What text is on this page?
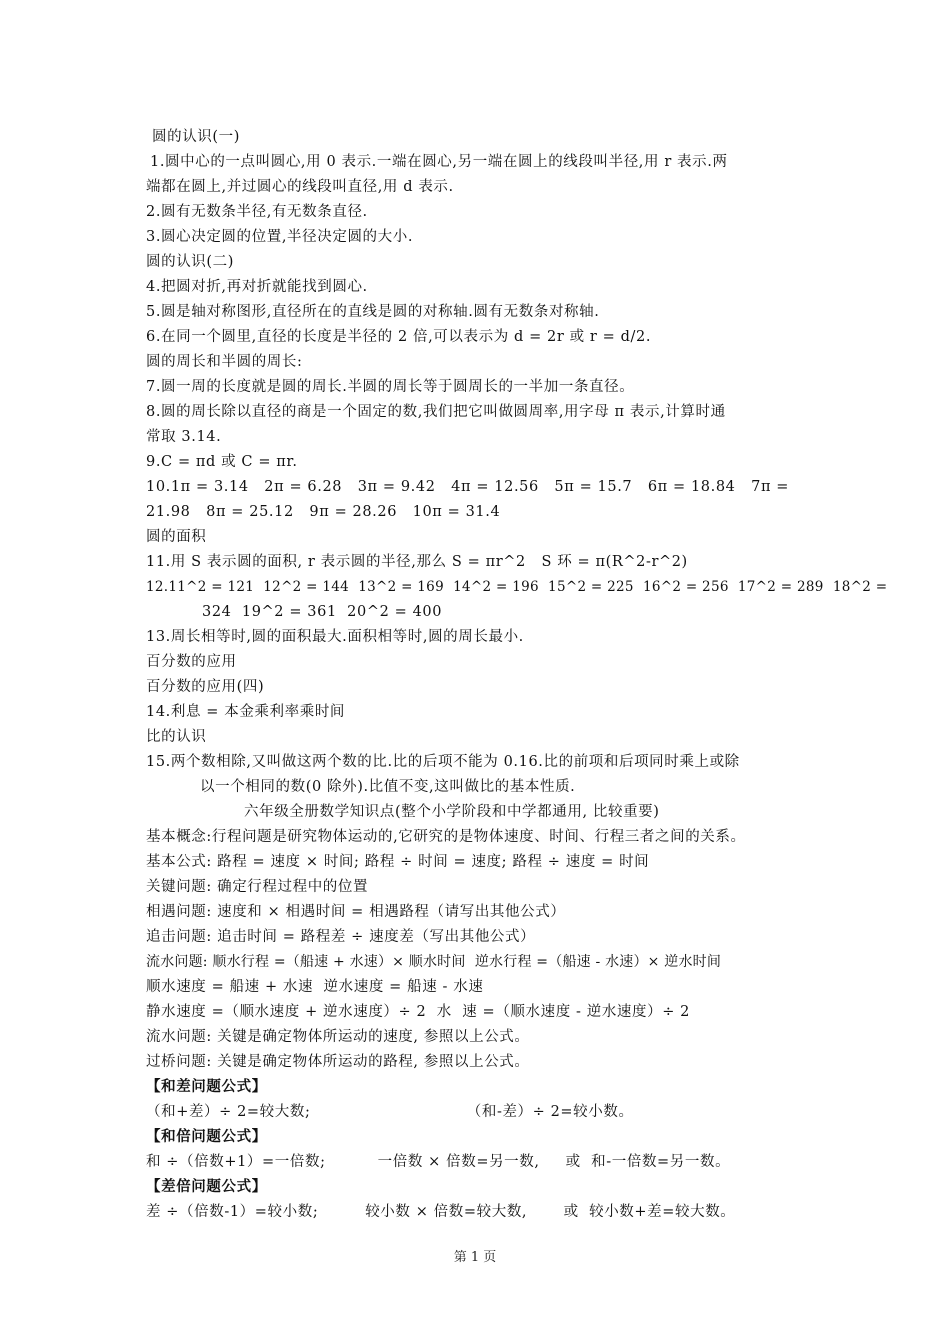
圆的认识(一)
1.圆中心的一点叫圆心,用 0 表示.一端在圆心,另一端在圆上的线段叫半径,用 r 表示.两
端都在圆上,并过圆心的线段叫直径,用 d 表示.
2.圆有无数条半径,有无数条直径.
3.圆心决定圆的位置,半径决定圆的大小.
圆的认识(二)
4.把圆对折,再对折就能找到圆心.
5.圆是轴对称图形,直径所在的直线是圆的对称轴.圆有无数条对称轴.
6.在同一个圆里,直径的长度是半径的 2 倍,可以表示为 d = 2r 或 r = d/2.
圆的周长和半圆的周长:
7.圆一周的长度就是圆的周长.半圆的周长等于圆周长的一半加一条直径。
8.圆的周长除以直径的商是一个固定的数,我们把它叫做圆周率,用字母 π 表示,计算时通
常取 3.14.
9.C = πd 或 C = πr.
10.1π = 3.14   2π = 6.28   3π = 9.42   4π = 12.56   5π = 15.7   6π = 18.84   7π =
21.98   8π = 25.12   9π = 28.26   10π = 31.4
圆的面积
11.用 S 表示圆的面积, r 表示圆的半径,那么 S = πr^2   S 环 = π(R^2-r^2)
12.11^2 = 121  12^2 = 144  13^2 = 169  14^2 = 196  15^2 = 225  16^2 = 256  17^2 = 289  18^2 =
324  19^2 = 361  20^2 = 400
13.周长相等时,圆的面积最大.面积相等时,圆的周长最小.
百分数的应用
百分数的应用(四)
14.利息 = 本金乘利率乘时间
比的认识
15.两个数相除,又叫做这两个数的比.比的后项不能为 0.16.比的前项和后项同时乘上或除
以一个相同的数(0 除外).比值不变,这叫做比的基本性质.
六年级全册数学知识点(整个小学阶段和中学都通用, 比较重要)
基本概念:行程问题是研究物体运动的,它研究的是物体速度、时间、行程三者之间的关系。
基本公式: 路程 = 速度 × 时间; 路程 ÷ 时间 = 速度; 路程 ÷ 速度 = 时间
关键问题: 确定行程过程中的位置
相遇问题: 速度和 × 相遇时间 = 相遇路程（请写出其他公式）
追击问题: 追击时间 = 路程差 ÷ 速度差（写出其他公式）
流水问题: 顺水行程 =（船速 + 水速）× 顺水时间  逆水行程 =（船速 - 水速）× 逆水时间
顺水速度 = 船速 + 水速  逆水速度 = 船速 - 水速
静水速度 =（顺水速度 + 逆水速度）÷ 2  水  速 =（顺水速度 - 逆水速度）÷ 2
流水问题: 关键是确定物体所运动的速度, 参照以上公式。
过桥问题: 关键是确定物体所运动的路程, 参照以上公式。
【和差问题公式】
（和+差）÷ 2=较大数;                              （和-差）÷ 2=较小数。
【和倍问题公式】
和 ÷（倍数+1）=一倍数;          一倍数 × 倍数=另一数,     或  和-一倍数=另一数。
【差倍问题公式】
差 ÷（倍数-1）=较小数;         较小数 × 倍数=较大数,       或  较小数+差=较大数。
第 1 页
